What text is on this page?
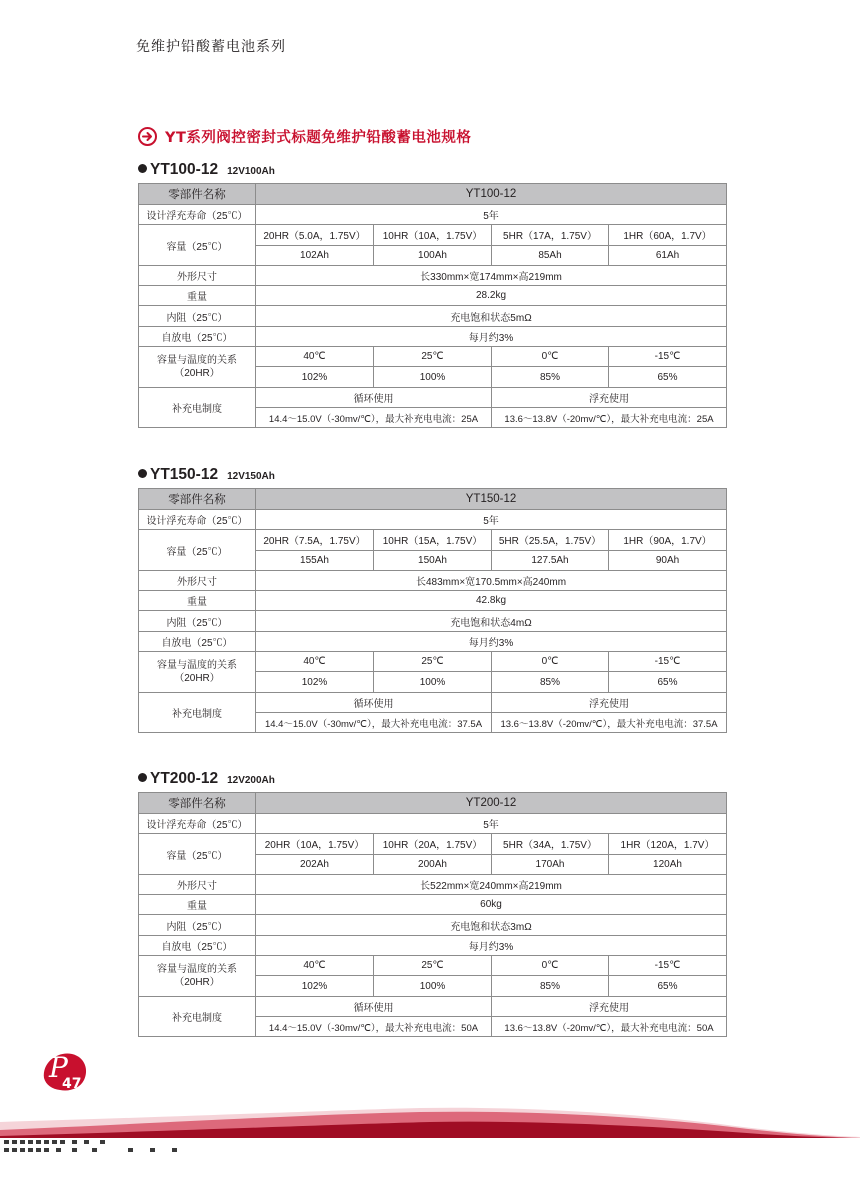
免维护铅酸蓄电池系列
YT系列阀控密封式标题免维护铅酸蓄电池规格
YT100-12 12V100Ah
零部件名称	YT100-12			
设计浮充寿命（25℃）	5年			
容量（25℃）	20HR（5.0A，1.75V）	10HR（10A，1.75V）	5HR（17A，1.75V）	1HR（60A，1.7V）
	102Ah	100Ah	85Ah	61Ah
外形尺寸	长330mm×宽174mm×高219mm			
重量	28.2kg			
内阻（25℃）	充电饱和状态5mΩ			
自放电（25℃）	每月约3%			
容量与温度的关系
（20HR）	40℃	25℃	0℃	-15℃
	102%	100%	85%	65%
补充电制度	循环使用		浮充使用	
	14.4～15.0V（-30mv/℃），最大补充电电流：25A		13.6～13.8V（-20mv/℃），最大补充电电流：25A	
YT150-12 12V150Ah
零部件名称	YT150-12			
设计浮充寿命（25℃）	5年			
容量（25℃）	20HR（7.5A，1.75V）	10HR（15A，1.75V）	5HR（25.5A，1.75V）	1HR（90A，1.7V）
	155Ah	150Ah	127.5Ah	90Ah
外形尺寸	长483mm×宽170.5mm×高240mm			
重量	42.8kg			
内阻（25℃）	充电饱和状态4mΩ			
自放电（25℃）	每月约3%			
容量与温度的关系
（20HR）	40℃	25℃	0℃	-15℃
	102%	100%	85%	65%
补充电制度	循环使用		浮充使用	
	14.4～15.0V（-30mv/℃），最大补充电电流：37.5A		13.6～13.8V（-20mv/℃），最大补充电电流：37.5A	
YT200-12 12V200Ah
零部件名称	YT200-12			
设计浮充寿命（25℃）	5年			
容量（25℃）	20HR（10A，1.75V）	10HR（20A，1.75V）	5HR（34A，1.75V）	1HR（120A，1.7V）
	202Ah	200Ah	170Ah	120Ah
外形尺寸	长522mm×宽240mm×高219mm			
重量	60kg			
内阻（25℃）	充电饱和状态3mΩ			
自放电（25℃）	每月约3%			
容量与温度的关系
（20HR）	40℃	25℃	0℃	-15℃
	102%	100%	85%	65%
补充电制度	循环使用		浮充使用	
	14.4～15.0V（-30mv/℃），最大补充电电流：50A		13.6～13.8V（-20mv/℃），最大补充电电流：50A	
P
47
